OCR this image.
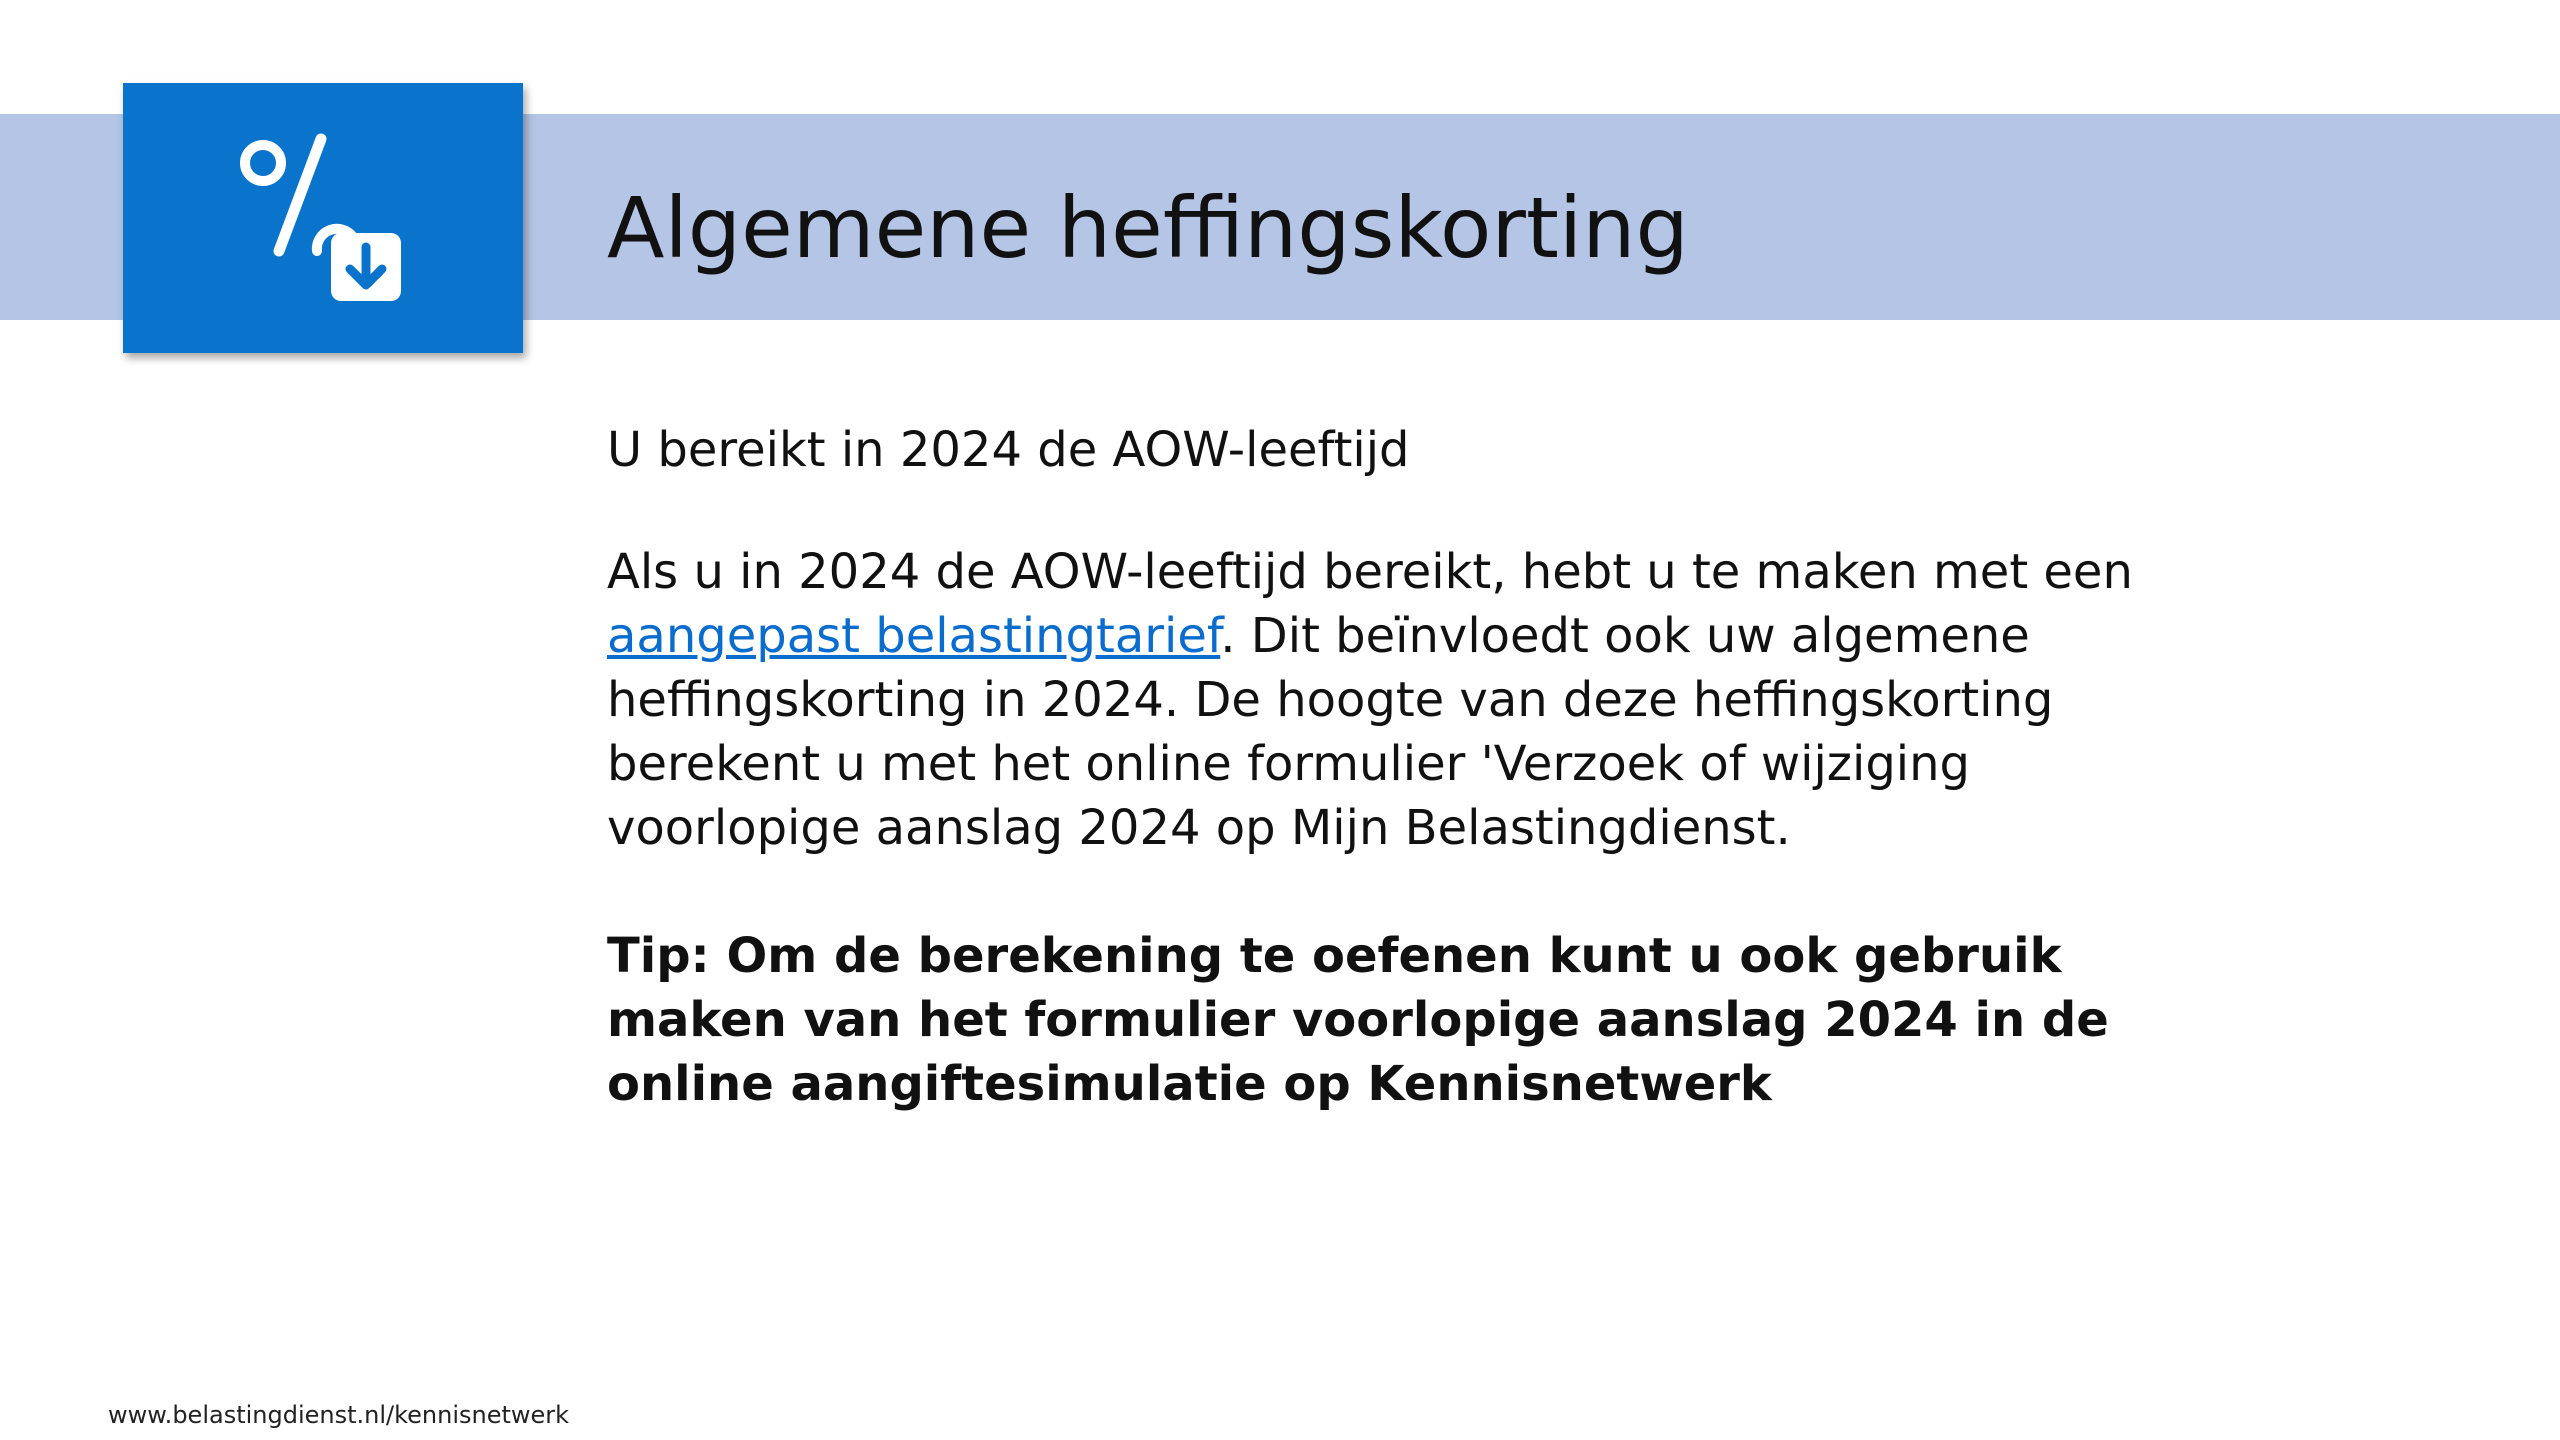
Algemene heffingskorting

U bereikt in 2024 de AOW-leeftijd

Als u in 2024 de AOW-leeftijd bereikt, hebt u te maken met een aangepast belastingtarief. Dit beïnvloedt ook uw algemene heffingskorting in 2024. De hoogte van deze heffingskorting berekent u met het online formulier 'Verzoek of wijziging voorlopige aanslag 2024 op Mijn Belastingdienst.

Tip: Om de berekening te oefenen kunt u ook gebruik maken van het formulier voorlopige aanslag 2024 in de online aangiftesimulatie op Kennisnetwerk

www.belastingdienst.nl/kennisnetwerk
